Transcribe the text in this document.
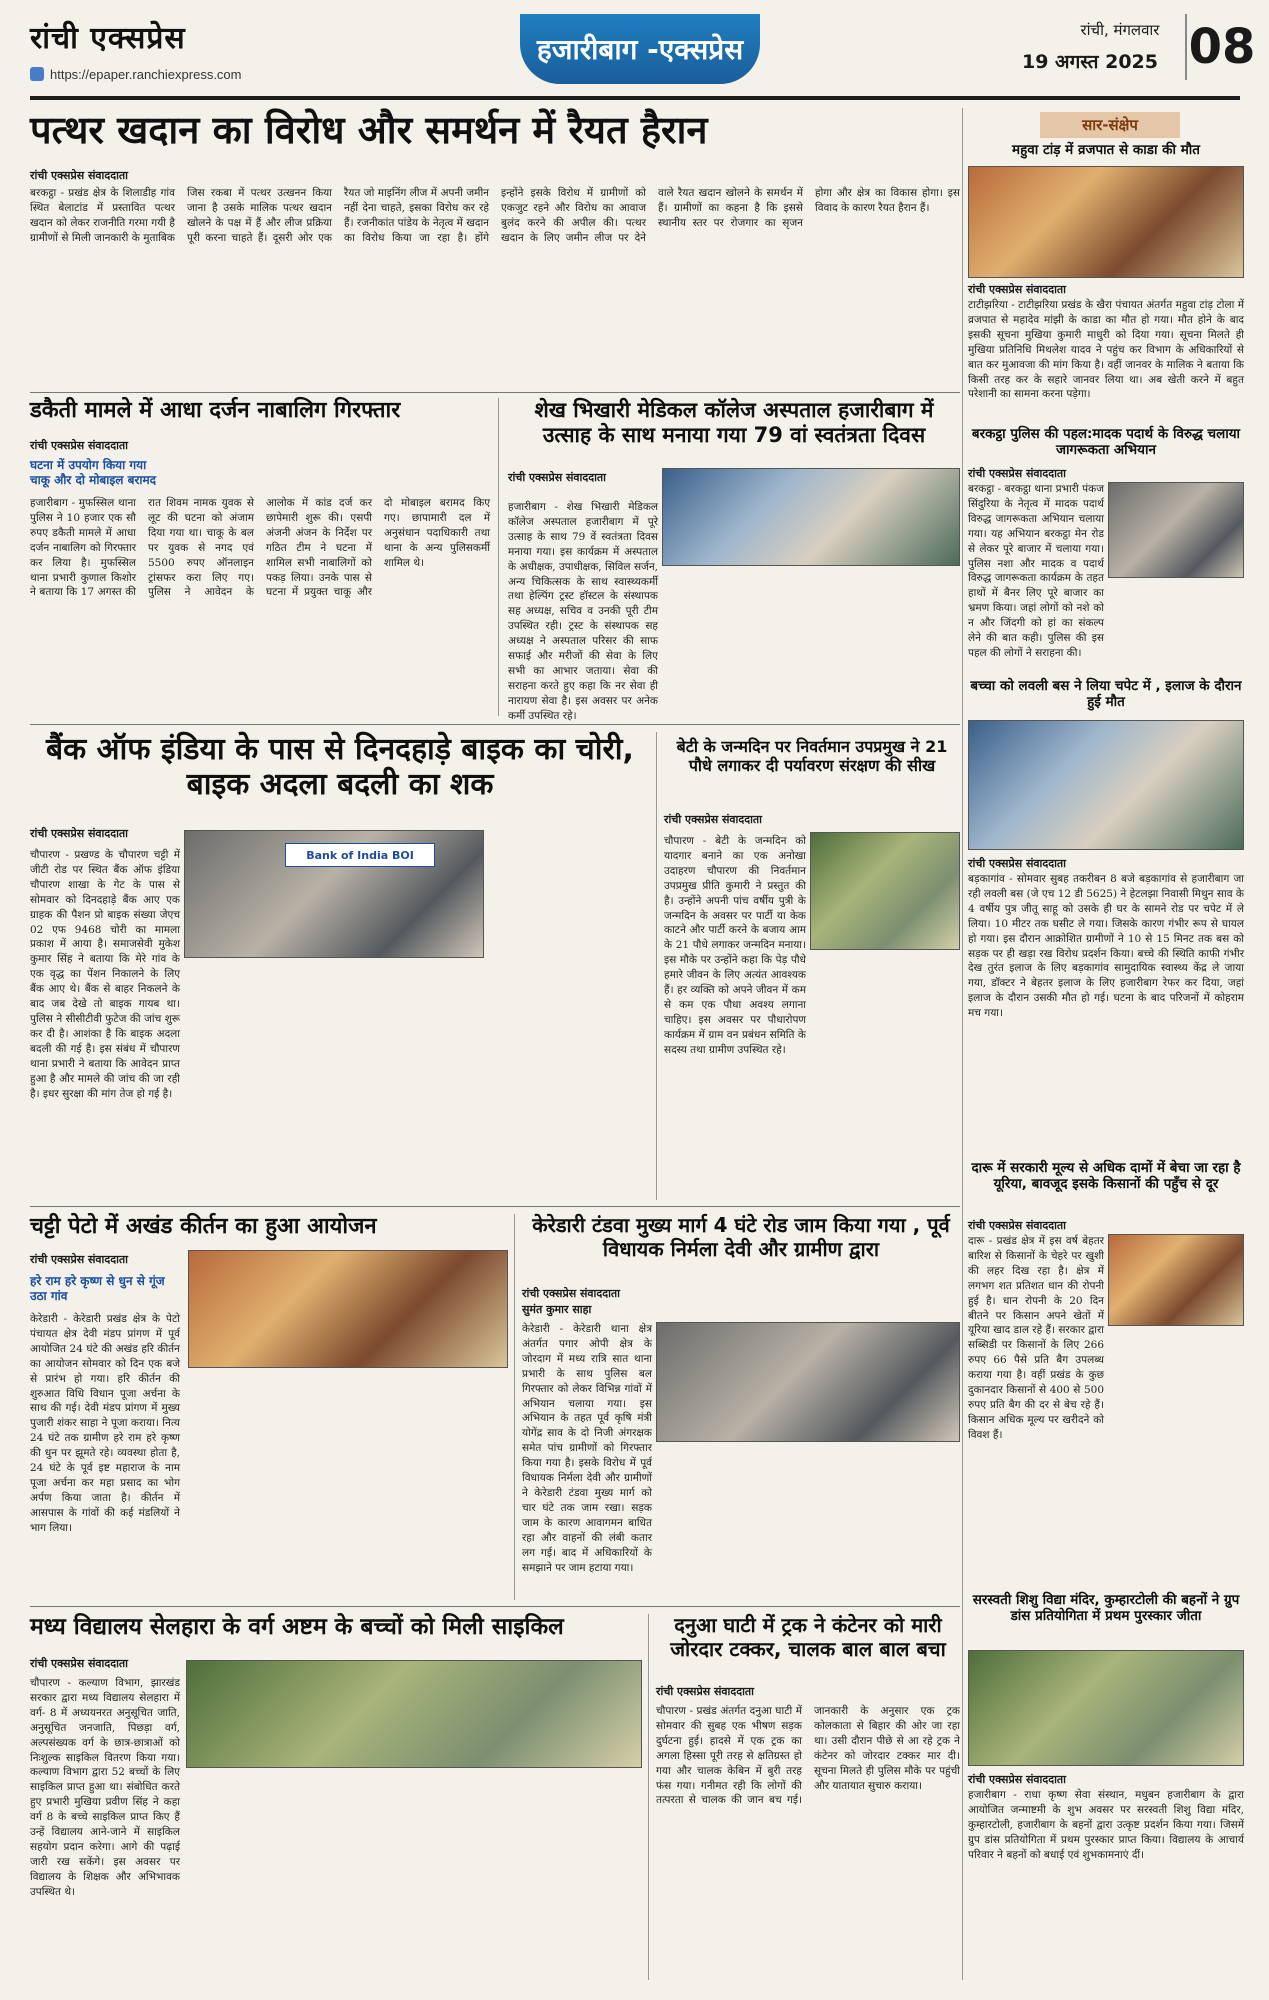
रांची एक्सप्रेस
https://epaper.ranchiexpress.com
हजारीबाग -एक्सप्रेस
रांची, मंगलवार
19 अगस्त 2025 08
पत्थर खदान का विरोध और समर्थन में रैयत हैरान
रांची एक्सप्रेस संवाददाता
बरकट्ठा - प्रखंड क्षेत्र के शिलाडीह गांव स्थित बेलाटांड में प्रस्तावित पत्थर खदान को लेकर राजनीति गरमा गयी है ग्रामीणों से मिली जानकारी के मुताबिक जिस रकबा में पत्थर उत्खनन किया जाना है उसके मालिक पत्थर खदान खोलने के पक्ष में हैं और लीज प्रक्रिया पूरी करना चाहते हैं। दूसरी ओर एक रैयत जो माइनिंग लीज में अपनी जमीन नहीं देना चाहते, इसका विरोध कर रहे हैं। रजनीकांत पांडेय के नेतृत्व में खदान का विरोध किया जा रहा है। होंगे इन्होंने इसके विरोध में ग्रामीणों को एकजुट रहने और विरोध का आवाज बुलंद करने की अपील की। पत्थर खदान के लिए जमीन लीज पर देने वाले रैयत खदान खोलने के समर्थन में हैं। ग्रामीणों का कहना है कि इससे स्थानीय स्तर पर रोजगार का सृजन होगा और क्षेत्र का विकास होगा। इस विवाद के कारण रैयत हैरान हैं।
डकैती मामले में आधा दर्जन नाबालिग गिरफ्तार
रांची एक्सप्रेस संवाददाता
घटना में उपयोग किया गया चाकू और दो मोबाइल बरामद
हजारीबाग - मुफस्सिल थाना पुलिस ने 10 हजार एक सौ रुपए डकैती मामले में आधा दर्जन नाबालिग को गिरफ्तार कर लिया है। मुफस्सिल थाना प्रभारी कुणाल किशोर ने बताया कि 17 अगस्त की रात शिवम नामक युवक से लूट की घटना को अंजाम दिया गया था। चाकू के बल पर युवक से नगद एवं 5500 रुपए ऑनलाइन ट्रांसफर करा लिए गए। पुलिस ने आवेदन के आलोक में कांड दर्ज कर छापेमारी शुरू की। एसपी अंजनी अंजन के निर्देश पर गठित टीम ने घटना में शामिल सभी नाबालिगों को पकड़ लिया। उनके पास से घटना में प्रयुक्त चाकू और दो मोबाइल बरामद किए गए। छापामारी दल में अनुसंधान पदाधिकारी तथा थाना के अन्य पुलिसकर्मी शामिल थे।
शेख भिखारी मेडिकल कॉलेज अस्पताल हजारीबाग में उत्साह के साथ मनाया गया 79 वां स्वतंत्रता दिवस
रांची एक्सप्रेस संवाददाता
हजारीबाग - शेख भिखारी मेडिकल कॉलेज अस्पताल हजारीबाग में पूरे उत्साह के साथ 79 वें स्वतंत्रता दिवस मनाया गया। इस कार्यक्रम में अस्पताल के अधीक्षक, उपाधीक्षक, सिविल सर्जन, अन्य चिकित्सक के साथ स्वास्थ्यकर्मी तथा हेल्पिंग ट्रस्ट हॉस्टल के संस्थापक सह अध्यक्ष, सचिव व उनकी पूरी टीम उपस्थित रही। ट्रस्ट के संस्थापक सह अध्यक्ष ने अस्पताल परिसर की साफ सफाई और मरीजों की सेवा के लिए सभी का आभार जताया। सेवा की सराहना करते हुए कहा कि नर सेवा ही नारायण सेवा है। इस अवसर पर अनेक कर्मी उपस्थित रहे।
बैंक ऑफ इंडिया के पास से दिनदहाड़े बाइक का चोरी, बाइक अदला बदली का शक
रांची एक्सप्रेस संवाददाता
Bank of India BOI
चौपारण - प्रखण्ड के चौपारण चट्टी में जीटी रोड पर स्थित बैंक ऑफ इंडिया चौपारण शाखा के गेट के पास से सोमवार को दिनदहाड़े बैंक आए एक ग्राहक की पैशन प्रो बाइक संख्या जेएच 02 एफ 9468 चोरी का मामला प्रकाश में आया है। समाजसेवी मुकेश कुमार सिंह ने बताया कि मेरे गांव के एक वृद्ध का पेंशन निकालने के लिए बैंक आए थे। बैंक से बाहर निकलने के बाद जब देखे तो बाइक गायब था। पुलिस ने सीसीटीवी फुटेज की जांच शुरू कर दी है। आशंका है कि बाइक अदला बदली की गई है। इस संबंध में चौपारण थाना प्रभारी ने बताया कि आवेदन प्राप्त हुआ है और मामले की जांच की जा रही है। इधर सुरक्षा की मांग तेज हो गई है।
बेटी के जन्मदिन पर निवर्तमान उपप्रमुख ने 21 पौधे लगाकर दी पर्यावरण संरक्षण की सीख
रांची एक्सप्रेस संवाददाता
चौपारण - बेटी के जन्मदिन को यादगार बनाने का एक अनोखा उदाहरण चौपारण की निवर्तमान उपप्रमुख प्रीति कुमारी ने प्रस्तुत की है। उन्होंने अपनी पांच वर्षीय पुत्री के जन्मदिन के अवसर पर पार्टी या केक काटने और पार्टी करने के बजाय आम के 21 पौधे लगाकर जन्मदिन मनाया। इस मौके पर उन्होंने कहा कि पेड़ पौधे हमारे जीवन के लिए अत्यंत आवश्यक हैं। हर व्यक्ति को अपने जीवन में कम से कम एक पौधा अवश्य लगाना चाहिए। इस अवसर पर पौधारोपण कार्यक्रम में ग्राम वन प्रबंधन समिति के सदस्य तथा ग्रामीण उपस्थित रहे।
चट्टी पेटो में अखंड कीर्तन का हुआ आयोजन
रांची एक्सप्रेस संवाददाता
हरे राम हरे कृष्ण से धुन से गूंज उठा गांव
केरेडारी - केरेडारी प्रखंड क्षेत्र के पेटो पंचायत क्षेत्र देवी मंडप प्रांगण में पूर्व आयोजित 24 घंटे की अखंड हरि कीर्तन का आयोजन सोमवार को दिन एक बजे से प्रारंभ हो गया। हरि कीर्तन की शुरुआत विधि विधान पूजा अर्चना के साथ की गई। देवी मंडप प्रांगण में मुख्य पुजारी शंकर साहा ने पूजा कराया। नित्य 24 घंटे तक ग्रामीण हरे राम हरे कृष्ण की धुन पर झूमते रहे। व्यवस्था होता है, 24 घंटे के पूर्व इष्ट महाराज के नाम पूजा अर्चना कर महा प्रसाद का भोग अर्पण किया जाता है। कीर्तन में आसपास के गांवों की कई मंडलियों ने भाग लिया।
केरेडारी टंडवा मुख्य मार्ग 4 घंटे रोड जाम किया गया , पूर्व विधायक निर्मला देवी और ग्रामीण द्वारा
रांची एक्सप्रेस संवाददाता
सुमंत कुमार साहा
केरेडारी - केरेडारी थाना क्षेत्र अंतर्गत पगार ओपी क्षेत्र के जोरदाग में मध्य रात्रि सात थाना प्रभारी के साथ पुलिस बल गिरफ्तार को लेकर विभिन्न गांवों में अभियान चलाया गया। इस अभियान के तहत पूर्व कृषि मंत्री योगेंद्र साव के दो निजी अंगरक्षक समेत पांच ग्रामीणों को गिरफ्तार किया गया है। इसके विरोध में पूर्व विधायक निर्मला देवी और ग्रामीणों ने केरेडारी टंडवा मुख्य मार्ग को चार घंटे तक जाम रखा। सड़क जाम के कारण आवागमन बाधित रहा और वाहनों की लंबी कतार लग गई। बाद में अधिकारियों के समझाने पर जाम हटाया गया।
मध्य विद्यालय सेलहारा के वर्ग अष्टम के बच्चों को मिली साइकिल
रांची एक्सप्रेस संवाददाता
चौपारण - कल्याण विभाग, झारखंड सरकार द्वारा मध्य विद्यालय सेलहारा में वर्ग- 8 में अध्ययनरत अनुसूचित जाति, अनुसूचित जनजाति, पिछड़ा वर्ग, अल्पसंख्यक वर्ग के छात्र-छात्राओं को निःशुल्क साइकिल वितरण किया गया। कल्याण विभाग द्वारा 52 बच्चों के लिए साइकिल प्राप्त हुआ था। संबोधित करते हुए प्रभारी मुखिया प्रवीण सिंह ने कहा वर्ग 8 के बच्चे साइकिल प्राप्त किए हैं उन्हें विद्यालय आने-जाने में साइकिल सहयोग प्रदान करेगा। आगे की पढ़ाई जारी रख सकेंगे। इस अवसर पर विद्यालय के शिक्षक और अभिभावक उपस्थित थे।
दनुआ घाटी में ट्रक ने कंटेनर को मारी जोरदार टक्कर, चालक बाल बाल बचा
रांची एक्सप्रेस संवाददाता
चौपारण - प्रखंड अंतर्गत दनुआ घाटी में सोमवार की सुबह एक भीषण सड़क दुर्घटना हुई। हादसे में एक ट्रक का अगला हिस्सा पूरी तरह से क्षतिग्रस्त हो गया और चालक केबिन में बुरी तरह फंस गया। गनीमत रही कि लोगों की तत्परता से चालक की जान बच गई। जानकारी के अनुसार एक ट्रक कोलकाता से बिहार की ओर जा रहा था। उसी दौरान पीछे से आ रहे ट्रक ने कंटेनर को जोरदार टक्कर मार दी। सूचना मिलते ही पुलिस मौके पर पहुंची और यातायात सुचारु कराया।
सार-संक्षेप
महुवा टांड़ में व्रजपात से काडा की मौत
रांची एक्सप्रेस संवाददाता
टाटीझरिया - टाटीझरिया प्रखंड के खैरा पंचायत अंतर्गत महुवा टांड़ टोला में व्रजपात से महादेव मांझी के काडा का मौत हो गया। मौत होने के बाद इसकी सूचना मुखिया कुमारी माधुरी को दिया गया। सूचना मिलते ही मुखिया प्रतिनिधि मिथलेश यादव ने पहुंच कर विभाग के अधिकारियों से बात कर मुआवजा की मांग किया है। वहीं जानवर के मालिक ने बताया कि किसी तरह कर के सहारे जानवर लिया था। अब खेती करने में बहुत परेशानी का सामना करना पड़ेगा।
बरकट्ठा पुलिस की पहल:मादक पदार्थ के विरुद्ध चलाया जागरूकता अभियान
रांची एक्सप्रेस संवाददाता
बरकट्ठा - बरकट्ठा थाना प्रभारी पंकज सिंदुरिया के नेतृत्व में मादक पदार्थ विरुद्ध जागरूकता अभियान चलाया गया। यह अभियान बरकट्ठा मेन रोड से लेकर पूरे बाजार में चलाया गया। पुलिस नशा और मादक व पदार्थ विरुद्ध जागरूकता कार्यक्रम के तहत हाथों में बैनर लिए पूरे बाजार का भ्रमण किया। जहां लोगों को नशे को न और जिंदगी को हां का संकल्प लेने की बात कही। पुलिस की इस पहल की लोगों ने सराहना की।
बच्चा को लवली बस ने लिया चपेट में , इलाज के दौरान हुई मौत
रांची एक्सप्रेस संवाददाता
बड़कागांव - सोमवार सुबह तकरीबन 8 बजे बड़कागांव से हजारीबाग जा रही लवली बस (जे एच 12 डी 5625) ने हेटलझा निवासी मिथुन साव के 4 वर्षीय पुत्र जीतू साहू को उसके ही घर के सामने रोड पर चपेट में ले लिया। 10 मीटर तक घसीट ले गया। जिसके कारण गंभीर रूप से घायल हो गया। इस दौरान आक्रोशित ग्रामीणों ने 10 से 15 मिनट तक बस को सड़क पर ही खड़ा रख विरोध प्रदर्शन किया। बच्चे की स्थिति काफी गंभीर देख तुरंत इलाज के लिए बड़कागांव सामुदायिक स्वास्थ्य केंद्र ले जाया गया, डॉक्टर ने बेहतर इलाज के लिए हजारीबाग रेफर कर दिया, जहां इलाज के दौरान उसकी मौत हो गई। घटना के बाद परिजनों में कोहराम मच गया।
दारू में सरकारी मूल्य से अधिक दामों में बेचा जा रहा है यूरिया, बावजूद इसके किसानों की पहुँच से दूर
रांची एक्सप्रेस संवाददाता
दारू - प्रखंड क्षेत्र में इस वर्ष बेहतर बारिश से किसानों के चेहरे पर खुशी की लहर दिख रहा है। क्षेत्र में लगभग शत प्रतिशत धान की रोपनी हुई है। धान रोपनी के 20 दिन बीतने पर किसान अपने खेतों में यूरिया खाद डाल रहे हैं। सरकार द्वारा सब्सिडी पर किसानों के लिए 266 रुपए 66 पैसे प्रति बैग उपलब्ध कराया गया है। वहीं प्रखंड के कुछ दुकानदार किसानों से 400 से 500 रुपए प्रति बैग की दर से बेच रहे हैं। किसान अधिक मूल्य पर खरीदने को विवश हैं।
सरस्वती शिशु विद्या मंदिर, कुम्हारटोली की बहनों ने ग्रुप डांस प्रतियोगिता में प्रथम पुरस्कार जीता
रांची एक्सप्रेस संवाददाता
हजारीबाग - राधा कृष्ण सेवा संस्थान, मधुबन हजारीबाग के द्वारा आयोजित जन्माष्टमी के शुभ अवसर पर सरस्वती शिशु विद्या मंदिर, कुम्हारटोली, हजारीबाग के बहनों द्वारा उत्कृष्ट प्रदर्शन किया गया। जिसमें ग्रुप डांस प्रतियोगिता में प्रथम पुरस्कार प्राप्त किया। विद्यालय के आचार्य परिवार ने बहनों को बधाई एवं शुभकामनाएं दीं।
